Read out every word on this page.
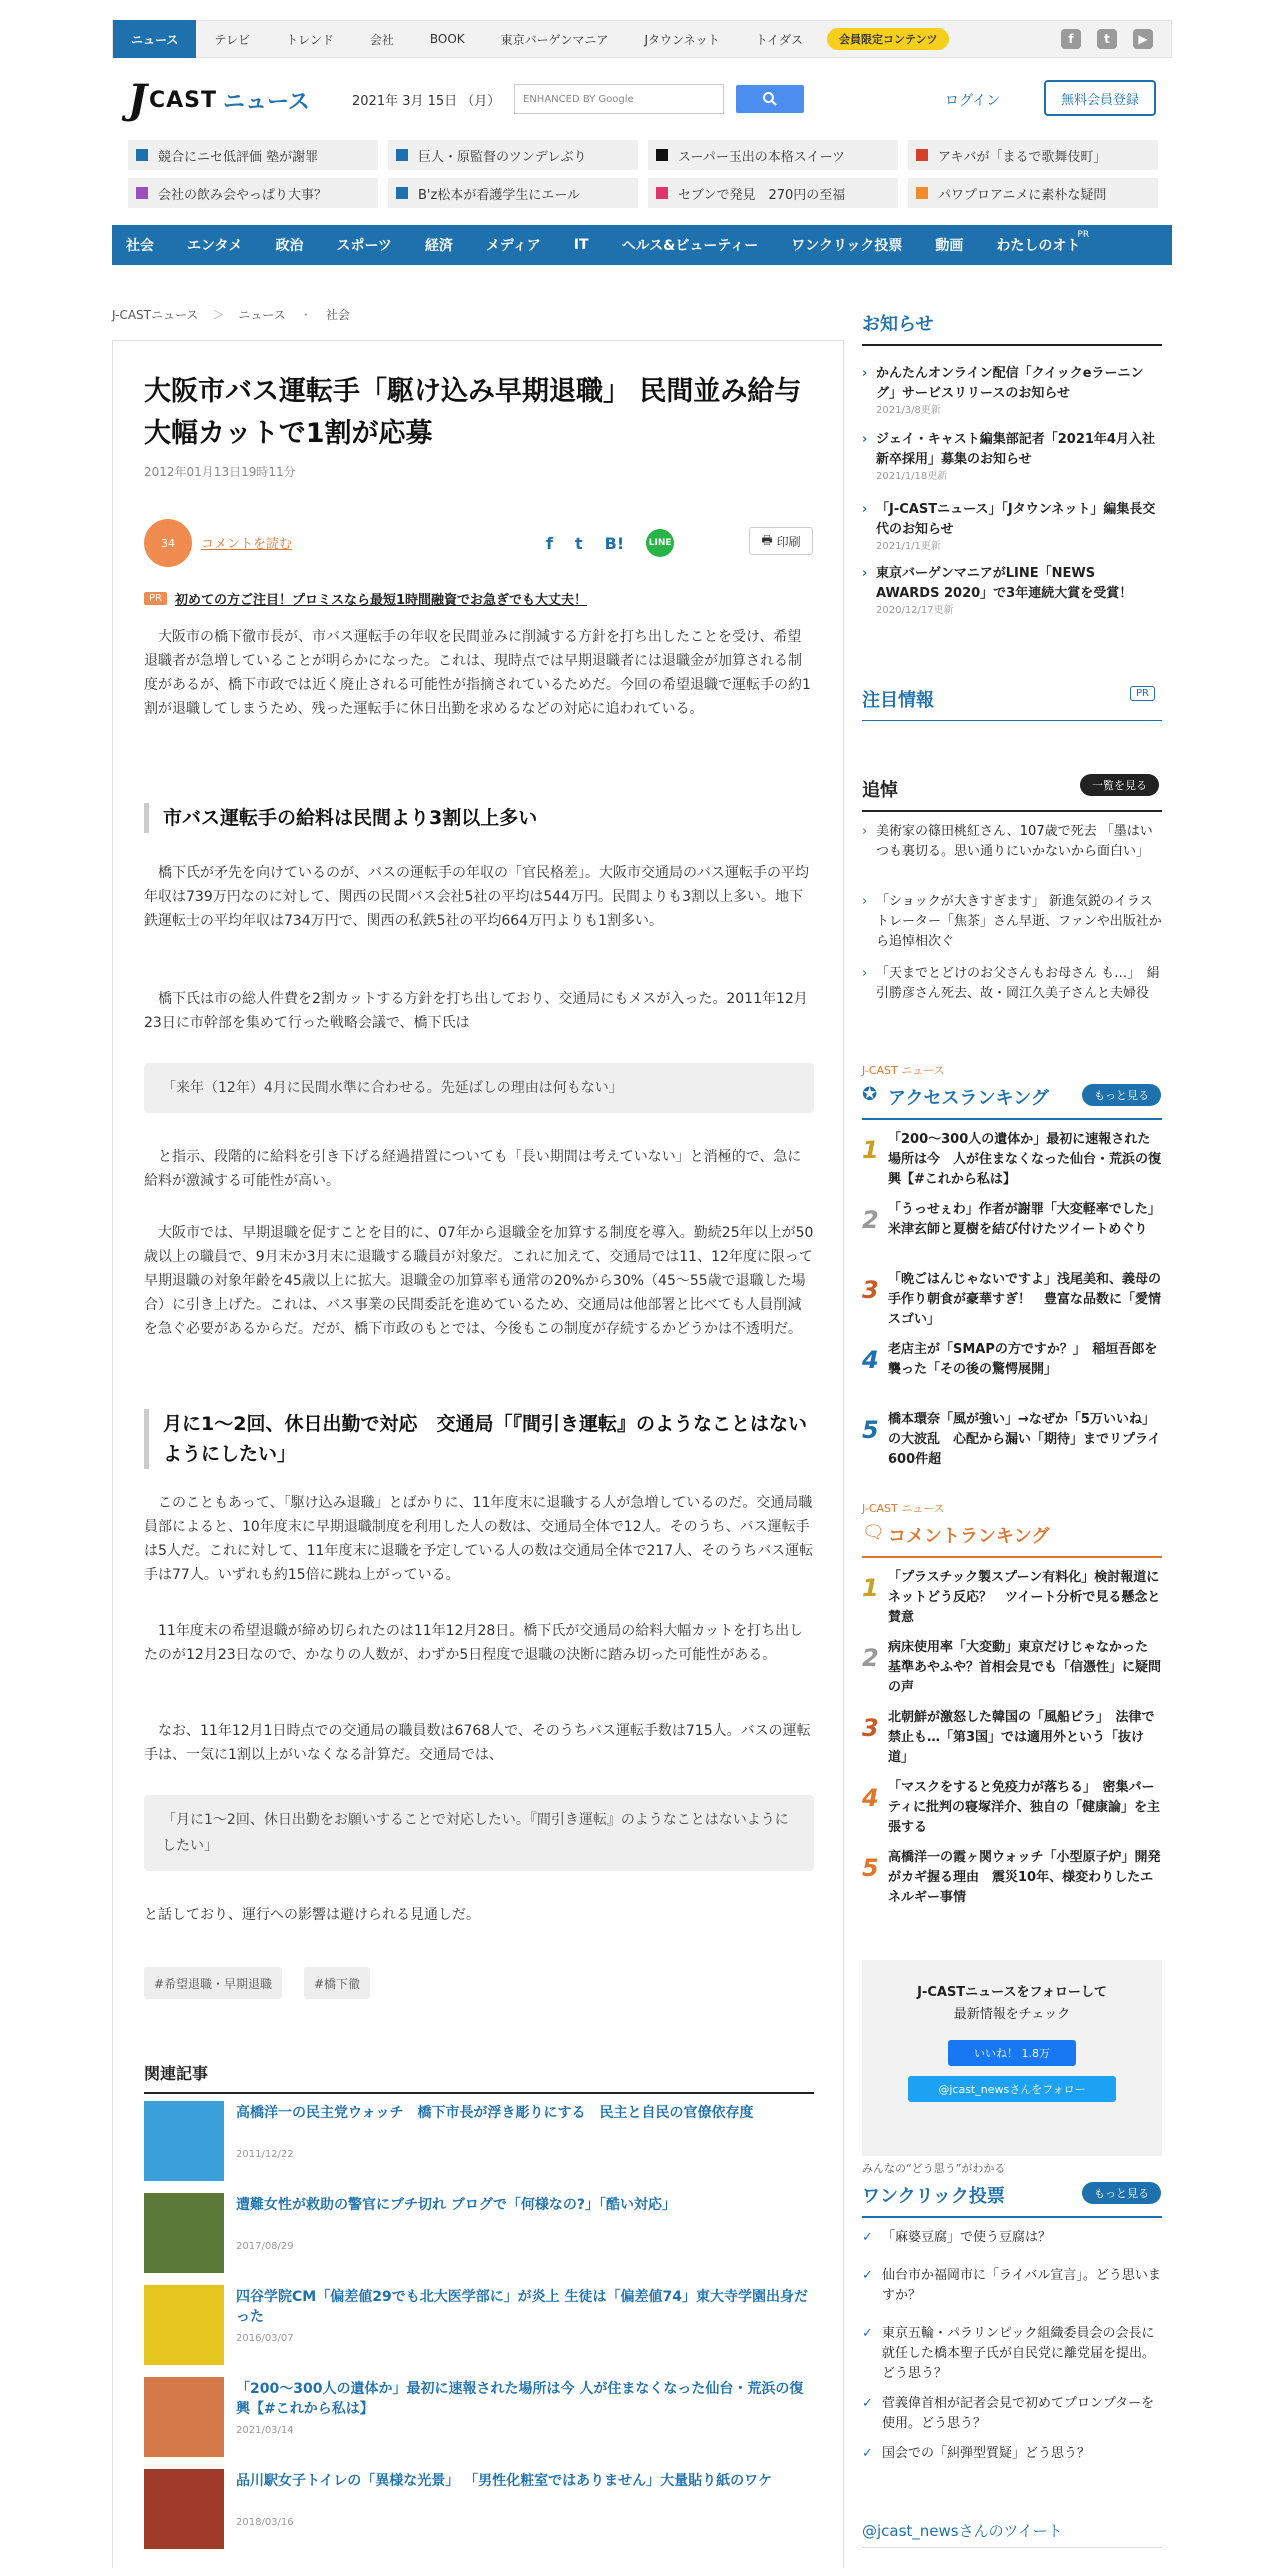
ニュース	テレビ	トレンド	会社	BOOK	東京バーゲンマニア	Jタウンネット	トイダス	会員限定コンテンツ	f	t	▶
J CAST ニュース	2021年 3月 15日 （月）	ENHANCED BY Google	ログイン	無料会員登録
競合にニセ低評価 塾が謝罪	巨人・原監督のツンデレぶり	スーパー玉出の本格スイーツ	アキバが「まるで歌舞伎町」
会社の飲み会やっぱり大事？	B'z松本が看護学生にエール	セブンで発見　270円の至福	パワプロアニメに素朴な疑問
社会 エンタメ 政治 スポーツ 経済 メディア IT ヘルス&ビューティー ワンクリック投票 動画 わたしのオト
PR
J-CASTニュース ＞ ニュース ・ 社会
大阪市バス運転手「駆け込み早期退職」 民間並み給与大幅カットで1割が応募
2012年01月13日19時11分
34 コメントを読む	f t B!	LINE	🖶 印刷
PR	初めての方ご注目！プロミスなら最短1時間融資でお急ぎでも大丈夫！

大阪市の橋下徹市長が、市バス運転手の年収を民間並みに削減する方針を打ち出したことを受け、希望退職者が急増していることが明らかになった。これは、現時点では早期退職者には退職金が加算される制度があるが、橋下市政では近く廃止される可能性が指摘されているためだ。今回の希望退職で運転手の約1割が退職してしまうため、残った運転手に休日出勤を求めるなどの対応に追われている。

市バス運転手の給料は民間より3割以上多い

橋下氏が矛先を向けているのが、バスの運転手の年収の「官民格差」。大阪市交通局のバス運転手の平均年収は739万円なのに対して、関西の民間バス会社5社の平均は544万円。民間よりも3割以上多い。地下鉄運転士の平均年収は734万円で、関西の私鉄5社の平均664万円よりも1割多い。

橋下氏は市の総人件費を2割カットする方針を打ち出しており、交通局にもメスが入った。2011年12月23日に市幹部を集めて行った戦略会議で、橋下氏は

「来年（12年）4月に民間水準に合わせる。先延ばしの理由は何もない」

と指示、段階的に給料を引き下げる経過措置についても「長い期間は考えていない」と消極的で、急に給料が激減する可能性が高い。

大阪市では、早期退職を促すことを目的に、07年から退職金を加算する制度を導入。勤続25年以上が50歳以上の職員で、9月末か3月末に退職する職員が対象だ。これに加えて、交通局では11、12年度に限って早期退職の対象年齢を45歳以上に拡大。退職金の加算率も通常の20%から30%（45～55歳で退職した場合）に引き上げた。これは、バス事業の民間委託を進めているため、交通局は他部署と比べても人員削減を急ぐ必要があるからだ。だが、橋下市政のもとでは、今後もこの制度が存続するかどうかは不透明だ。

月に1～2回、休日出勤で対応　交通局「『間引き運転』のようなことはないようにしたい」

このこともあって、「駆け込み退職」とばかりに、11年度末に退職する人が急増しているのだ。交通局職員部によると、10年度末に早期退職制度を利用した人の数は、交通局全体で12人。そのうち、バス運転手は5人だ。これに対して、11年度末に退職を予定している人の数は交通局全体で217人、そのうちバス運転手は77人。いずれも約15倍に跳ね上がっている。

11年度末の希望退職が締め切られたのは11年12月28日。橋下氏が交通局の給料大幅カットを打ち出したのが12月23日なので、かなりの人数が、わずか5日程度で退職の決断に踏み切った可能性がある。

なお、11年12月1日時点での交通局の職員数は6768人で、そのうちバス運転手数は715人。バスの運転手は、一気に1割以上がいなくなる計算だ。交通局では、

「月に1～2回、休日出勤をお願いすることで対応したい。『間引き運転』のようなことはないようにしたい」

と話しており、運行への影響は避けられる見通しだ。

#希望退職・早期退職	#橋下徹
関連記事
高橋洋一の民主党ウォッチ　橋下市長が浮き彫りにする　民主と自民の官僚依存度
2011/12/22
遭難女性が救助の警官にブチ切れ ブログで「何様なの?」「酷い対応」
2017/08/29
四谷学院CM「偏差値29でも北大医学部に」が炎上 生徒は「偏差値74」東大寺学園出身だった
2016/03/07
「200～300人の遺体か」最初に速報された場所は今 人が住まなくなった仙台・荒浜の復興【#これから私は】
2021/03/14
品川駅女子トイレの「異様な光景」 「男性化粧室ではありません」大量貼り紙のワケ
2018/03/16
お知らせ
› かんたんオンライン配信「クイックeラーニング」サービスリリースのお知らせ
2021/3/8更新
› ジェイ・キャスト編集部記者「2021年4月入社新卒採用」募集のお知らせ
2021/1/18更新
› 「J-CASTニュース」「Jタウンネット」編集長交代のお知らせ
2021/1/1更新
› 東京バーゲンマニアがLINE「NEWS AWARDS 2020」で3年連続大賞を受賞！
2020/12/17更新
注目情報	PR
追悼	一覧を見る
› 美術家の篠田桃紅さん、107歳で死去 「墨はいつも裏切る。思い通りにいかないから面白い」
› 「ショックが大きすぎます」 新進気鋭のイラストレーター「焦茶」さん早逝、ファンや出版社から追悼相次ぐ
› 「天までとどけのお父さんもお母さん も…」　絹引勝彦さん死去、故・岡江久美子さんと夫婦役
J-CAST ニュース
アクセスランキング
✪	もっと見る
1 「200～300人の遺体か」最初に速報された場所は今　人が住まなくなった仙台・荒浜の復興【#これから私は】
2 「うっせぇわ」作者が謝罪「大変軽率でした」　米津玄師と夏樹を結び付けたツイートめぐり
3 「晩ごはんじゃないですよ」浅尾美和、義母の手作り朝食が豪華すぎ！　豊富な品数に「愛情スゴい」
4 老店主が「SMAPの方ですか？」　稲垣吾郎を襲った「その後の驚愕展開」
5 橋本環奈「風が強い」→なぜか「5万いいね」の大波乱　心配から漏い「期待」までリプライ600件超
J-CAST ニュース
コメントランキング
🗨
1 「プラスチック製スプーン有料化」検討報道にネットどう反応？　ツイート分析で見る懸念と賛意
2 病床使用率「大変動」東京だけじゃなかった　基準あやふや？首相会見でも「信憑性」に疑問の声
3 北朝鮮が激怒した韓国の「風船ビラ」　法律で禁止も…「第3国」では適用外という「抜け道」
4 「マスクをすると免疫力が落ちる」　密集パーティに批判の寝塚洋介、独自の「健康論」を主張する
5 高橋洋一の霞ヶ関ウォッチ「小型原子炉」開発がカギ握る理由　震災10年、様変わりしたエネルギー事情
J-CASTニュースをフォローして
最新情報をチェック
いいね！ 1.8万
@jcast_newsさんをフォロー
みんなの“どう思う”がわかる
ワンクリック投票	もっと見る
✓ 「麻婆豆腐」で使う豆腐は？
✓ 仙台市か福岡市に「ライバル宣言」。どう思いますか？
✓ 東京五輪・パラリンピック組織委員会の会長に就任した橋本聖子氏が自民党に離党届を提出。どう思う？
✓ 菅義偉首相が記者会見で初めてプロンプターを使用。どう思う？
✓ 国会での「糾弾型質疑」どう思う？
@jcast_newsさんのツイート
